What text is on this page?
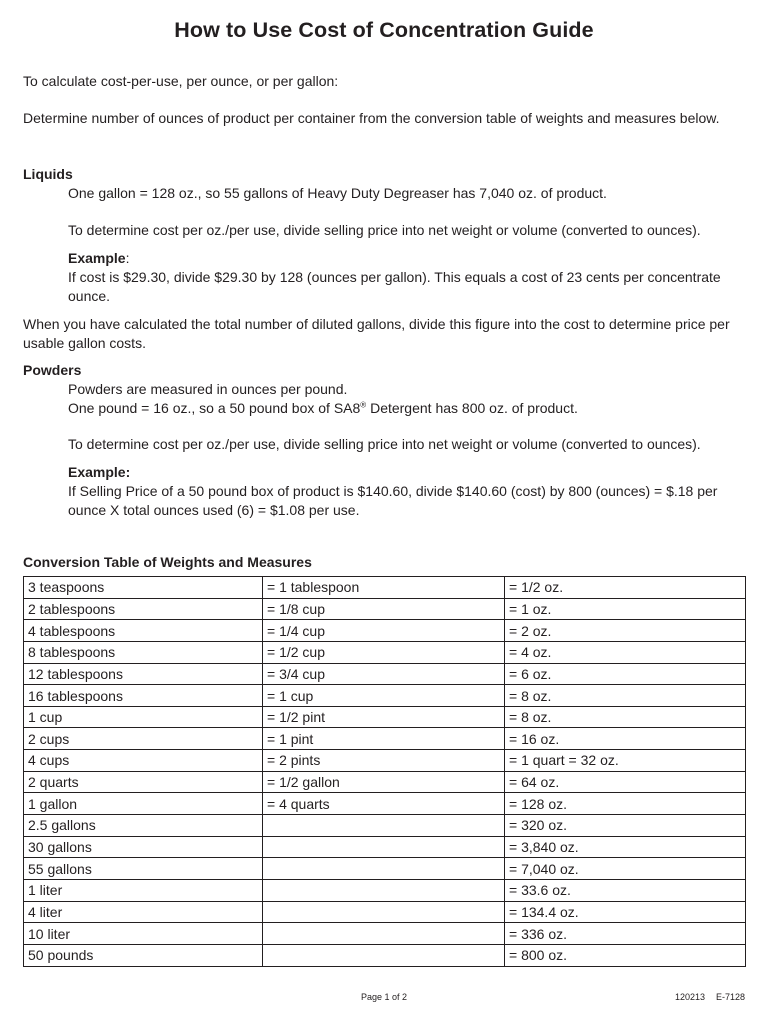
How to Use Cost of Concentration Guide
To calculate cost-per-use, per ounce, or per gallon:
Determine number of ounces of product per container from the conversion table of weights and measures below.
Liquids
One gallon = 128 oz., so 55 gallons of Heavy Duty Degreaser has 7,040 oz. of product.
To determine cost per oz./per use, divide selling price into net weight or volume (converted to ounces).
Example:
If cost is $29.30, divide $29.30 by 128 (ounces per gallon). This equals a cost of 23 cents per concentrate ounce.
When you have calculated the total number of diluted gallons, divide this figure into the cost to determine price per usable gallon costs.
Powders
Powders are measured in ounces per pound.
One pound = 16 oz., so a 50 pound box of SA8® Detergent has 800 oz. of product.
To determine cost per oz./per use, divide selling price into net weight or volume (converted to ounces).
Example:
If Selling Price of a 50 pound box of product is $140.60, divide $140.60 (cost) by 800 (ounces) = $.18 per ounce X total ounces used (6) = $1.08 per use.
Conversion Table of Weights and Measures
3 teaspoons	= 1 tablespoon	= 1/2 oz.
2 tablespoons	= 1/8 cup	= 1 oz.
4 tablespoons	= 1/4 cup	= 2 oz.
8 tablespoons	= 1/2 cup	= 4 oz.
12 tablespoons	= 3/4 cup	= 6 oz.
16 tablespoons	= 1 cup	= 8 oz.
1 cup	= 1/2 pint	= 8 oz.
2 cups	= 1 pint	= 16 oz.
4 cups	= 2 pints	= 1 quart = 32 oz.
2 quarts	= 1/2 gallon	= 64 oz.
1 gallon	= 4 quarts	= 128 oz.
2.5 gallons		= 320 oz.
30 gallons		= 3,840 oz.
55 gallons		= 7,040 oz.
1 liter		= 33.6 oz.
4 liter		= 134.4 oz.
10 liter		= 336 oz.
50 pounds		= 800 oz.
Page 1 of 2	120213 E-7128
